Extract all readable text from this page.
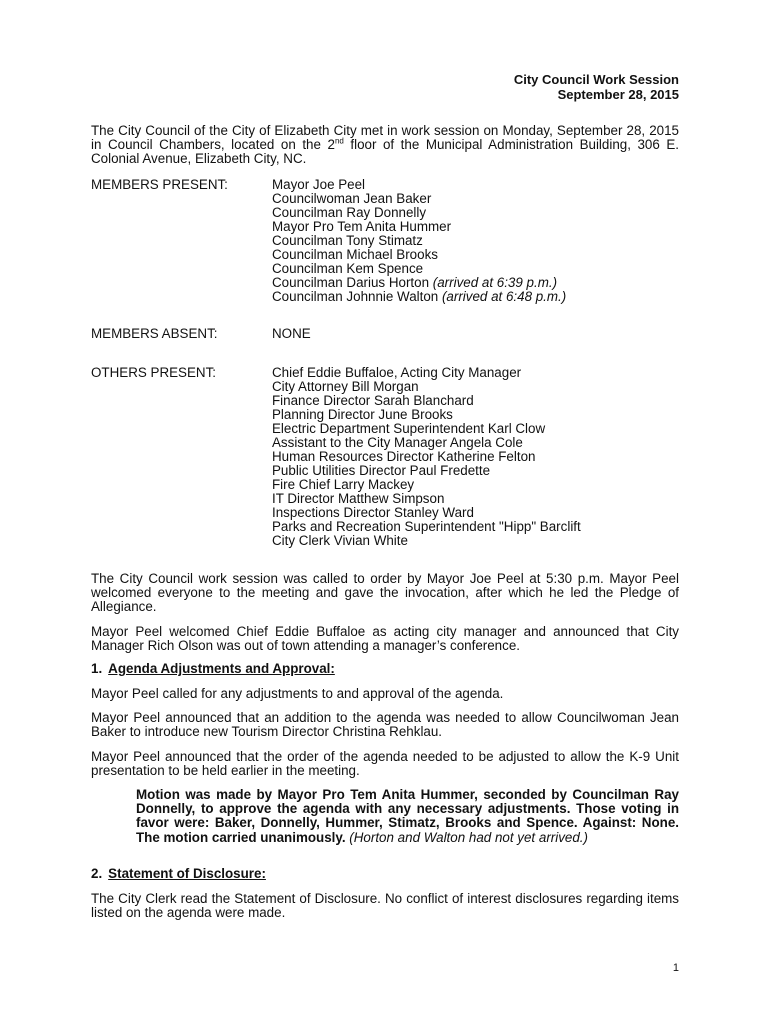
City Council Work Session
September 28, 2015
The City Council of the City of Elizabeth City met in work session on Monday, September 28, 2015 in Council Chambers, located on the 2nd floor of the Municipal Administration Building, 306 E. Colonial Avenue, Elizabeth City, NC.
MEMBERS PRESENT:	Mayor Joe Peel
Councilwoman Jean Baker
Councilman Ray Donnelly
Mayor Pro Tem Anita Hummer
Councilman Tony Stimatz
Councilman Michael Brooks
Councilman Kem Spence
Councilman Darius Horton (arrived at 6:39 p.m.)
Councilman Johnnie Walton (arrived at 6:48 p.m.)
MEMBERS ABSENT:	NONE
OTHERS PRESENT:	Chief Eddie Buffaloe, Acting City Manager
City Attorney Bill Morgan
Finance Director Sarah Blanchard
Planning Director June Brooks
Electric Department Superintendent Karl Clow
Assistant to the City Manager Angela Cole
Human Resources Director Katherine Felton
Public Utilities Director Paul Fredette
Fire Chief Larry Mackey
IT Director Matthew Simpson
Inspections Director Stanley Ward
Parks and Recreation Superintendent "Hipp" Barclift
City Clerk Vivian White
The City Council work session was called to order by Mayor Joe Peel at 5:30 p.m. Mayor Peel welcomed everyone to the meeting and gave the invocation, after which he led the Pledge of Allegiance.
Mayor Peel welcomed Chief Eddie Buffaloe as acting city manager and announced that City Manager Rich Olson was out of town attending a manager’s conference.
1. Agenda Adjustments and Approval:
Mayor Peel called for any adjustments to and approval of the agenda.
Mayor Peel announced that an addition to the agenda was needed to allow Councilwoman Jean Baker to introduce new Tourism Director Christina Rehklau.
Mayor Peel announced that the order of the agenda needed to be adjusted to allow the K-9 Unit presentation to be held earlier in the meeting.
Motion was made by Mayor Pro Tem Anita Hummer, seconded by Councilman Ray Donnelly, to approve the agenda with any necessary adjustments. Those voting in favor were: Baker, Donnelly, Hummer, Stimatz, Brooks and Spence. Against: None. The motion carried unanimously. (Horton and Walton had not yet arrived.)
2. Statement of Disclosure:
The City Clerk read the Statement of Disclosure. No conflict of interest disclosures regarding items listed on the agenda were made.
1
